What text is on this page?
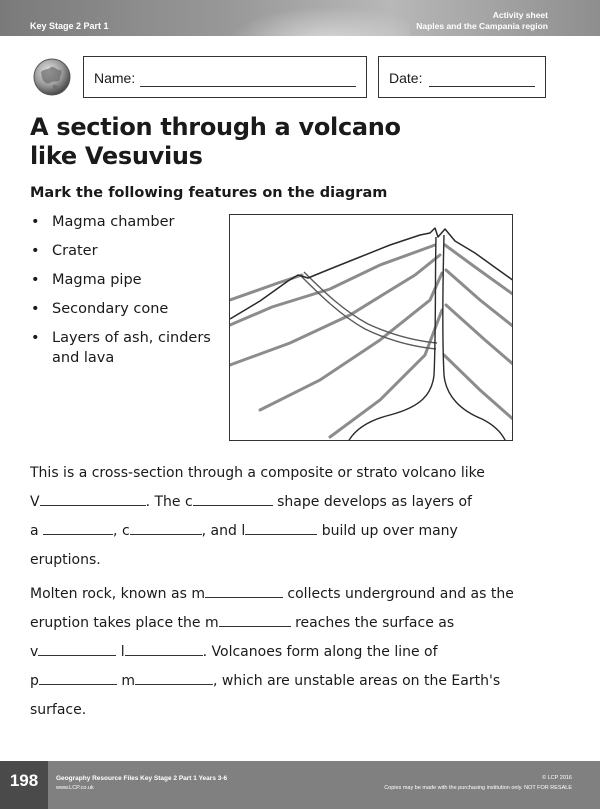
Key Stage 2 Part 1
Activity sheet
Naples and the Campania region
Name:	Date:
A section through a volcano
like Vesuvius
Mark the following features on the diagram
• Magma chamber
• Crater
• Magma pipe
• Secondary cone
• Layers of ash, cinders and lava
This is a cross-section through a composite or strato volcano like
V	. The c	shape develops as layers of
a	, c	, and l	build up over many
eruptions.
Molten rock, known as m	collects underground and as the
eruption takes place the m	reaches the surface as
v	l	. Volcanoes form along the line of
p	m	, which are unstable areas on the Earth's
surface.
198	Geography Resource Files Key Stage 2 Part 1 Years 3-6
www.LCP.co.uk
© LCP 2016
Copies may be made with the purchasing institution only. NOT FOR RESALE
